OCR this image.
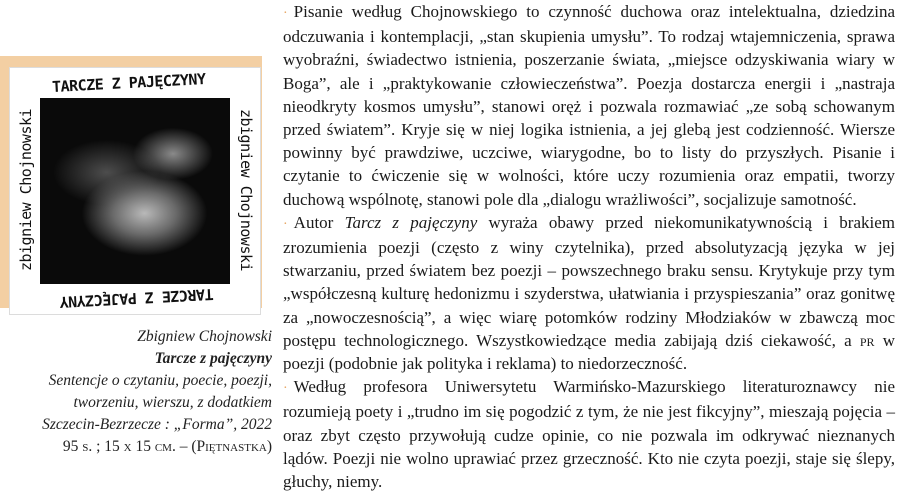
TARCZE Z PAJĘCZYNY
TARCZE Z PAJĘCZYNY
zbigniew Chojnowski	zbigniew Chojnowski
Zbigniew Chojnowski
Tarcze z pajęczyny
Sentencje o czytaniu, poecie, poezji,
tworzeniu, wierszu, z dodatkiem
Szczecin-Bezrzecze : „Forma”, 2022
95 s. ; 15 x 15 cm. – (Piętnastka)

· Pisanie według Chojnowskiego to czynność duchowa oraz intelektualna, dziedzina odczuwania i kontemplacji, „stan skupienia umysłu”. To rodzaj wtajemniczenia, sprawa wyobraźni, świadectwo istnienia, poszerzanie świata, „miejsce odzyskiwania wiary w Boga”, ale i „praktykowanie człowieczeństwa”. Poezja dostarcza energii i „nastraja nieodkryty kosmos umysłu”, stanowi oręż i pozwala rozmawiać „ze sobą schowanym przed światem”. Kryje się w niej logika istnienia, a jej glebą jest codzienność. Wiersze powinny być prawdziwe, uczciwe, wiarygodne, bo to listy do przyszłych. Pisanie i czytanie to ćwiczenie się w wolności, które uczy rozumienia oraz empatii, tworzy duchową wspólnotę, stanowi pole dla „dialogu wrażliwości”, socjalizuje samotność.

· Autor Tarcz z pajęczyny wyraża obawy przed niekomunikatywnością i brakiem zrozumienia poezji (często z winy czytelnika), przed absolutyzacją języka w jej stwarzaniu, przed światem bez poezji – powszechnego braku sensu. Krytykuje przy tym „współczesną kulturę hedonizmu i szyderstwa, ułatwiania i przyspieszania” oraz gonitwę za „nowoczesnością”, a więc wiarę potomków rodziny Młodziaków w zbawczą moc postępu technologicznego. Wszystkowiedzące media zabijają dziś ciekawość, a pr w poezji (podobnie jak polityka i reklama) to niedorzeczność.

· Według profesora Uniwersytetu Warmińsko-Mazurskiego literaturoznawcy nie rozumieją poety i „trudno im się pogodzić z tym, że nie jest fikcyjny”, mieszają pojęcia – oraz zbyt często przywołują cudze opinie, co nie pozwala im odkrywać nieznanych lądów. Poezji nie wolno uprawiać przez grzeczność. Kto nie czyta poezji, staje się ślepy, głuchy, niemy.
